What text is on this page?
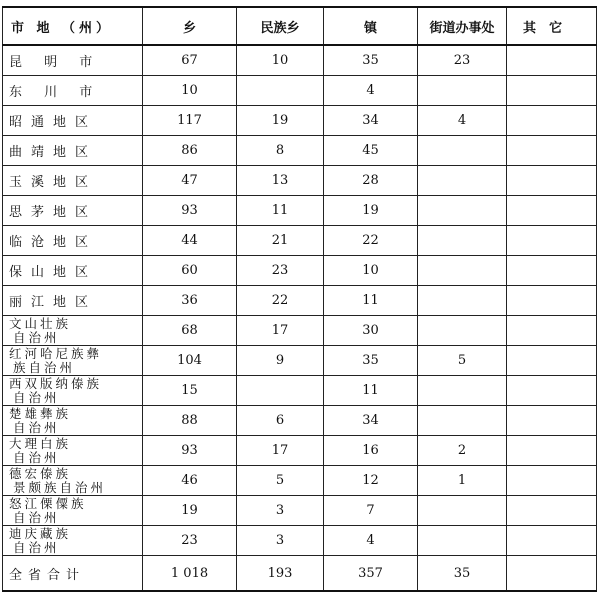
市 地 （州）	乡	民族乡	镇	街道办事处	其　它
昆 明 市	67	10	35	23	
东 川 市	10		4		
昭通地区	117	19	34	4	
曲靖地区	86	8	45		
玉溪地区	47	13	28		
思茅地区	93	11	19		
临沧地区	44	21	22		
保山地区	60	23	10		
丽江地区	36	22	11		

文山壮族
自治州	68	17	30		

红河哈尼族彝
族自治州	104	9	35	5	

西双版纳傣族
自治州	15		11		

楚雄彝族
自治州	88	6	34		

大理白族
自治州	93	17	16	2	

德宏傣族
景颇族自治州	46	5	12	1	

怒江傈僳族
自治州	19	3	7		

迪庆藏族
自治州	23	3	4		
全省合计	1 018	193	357	35	
